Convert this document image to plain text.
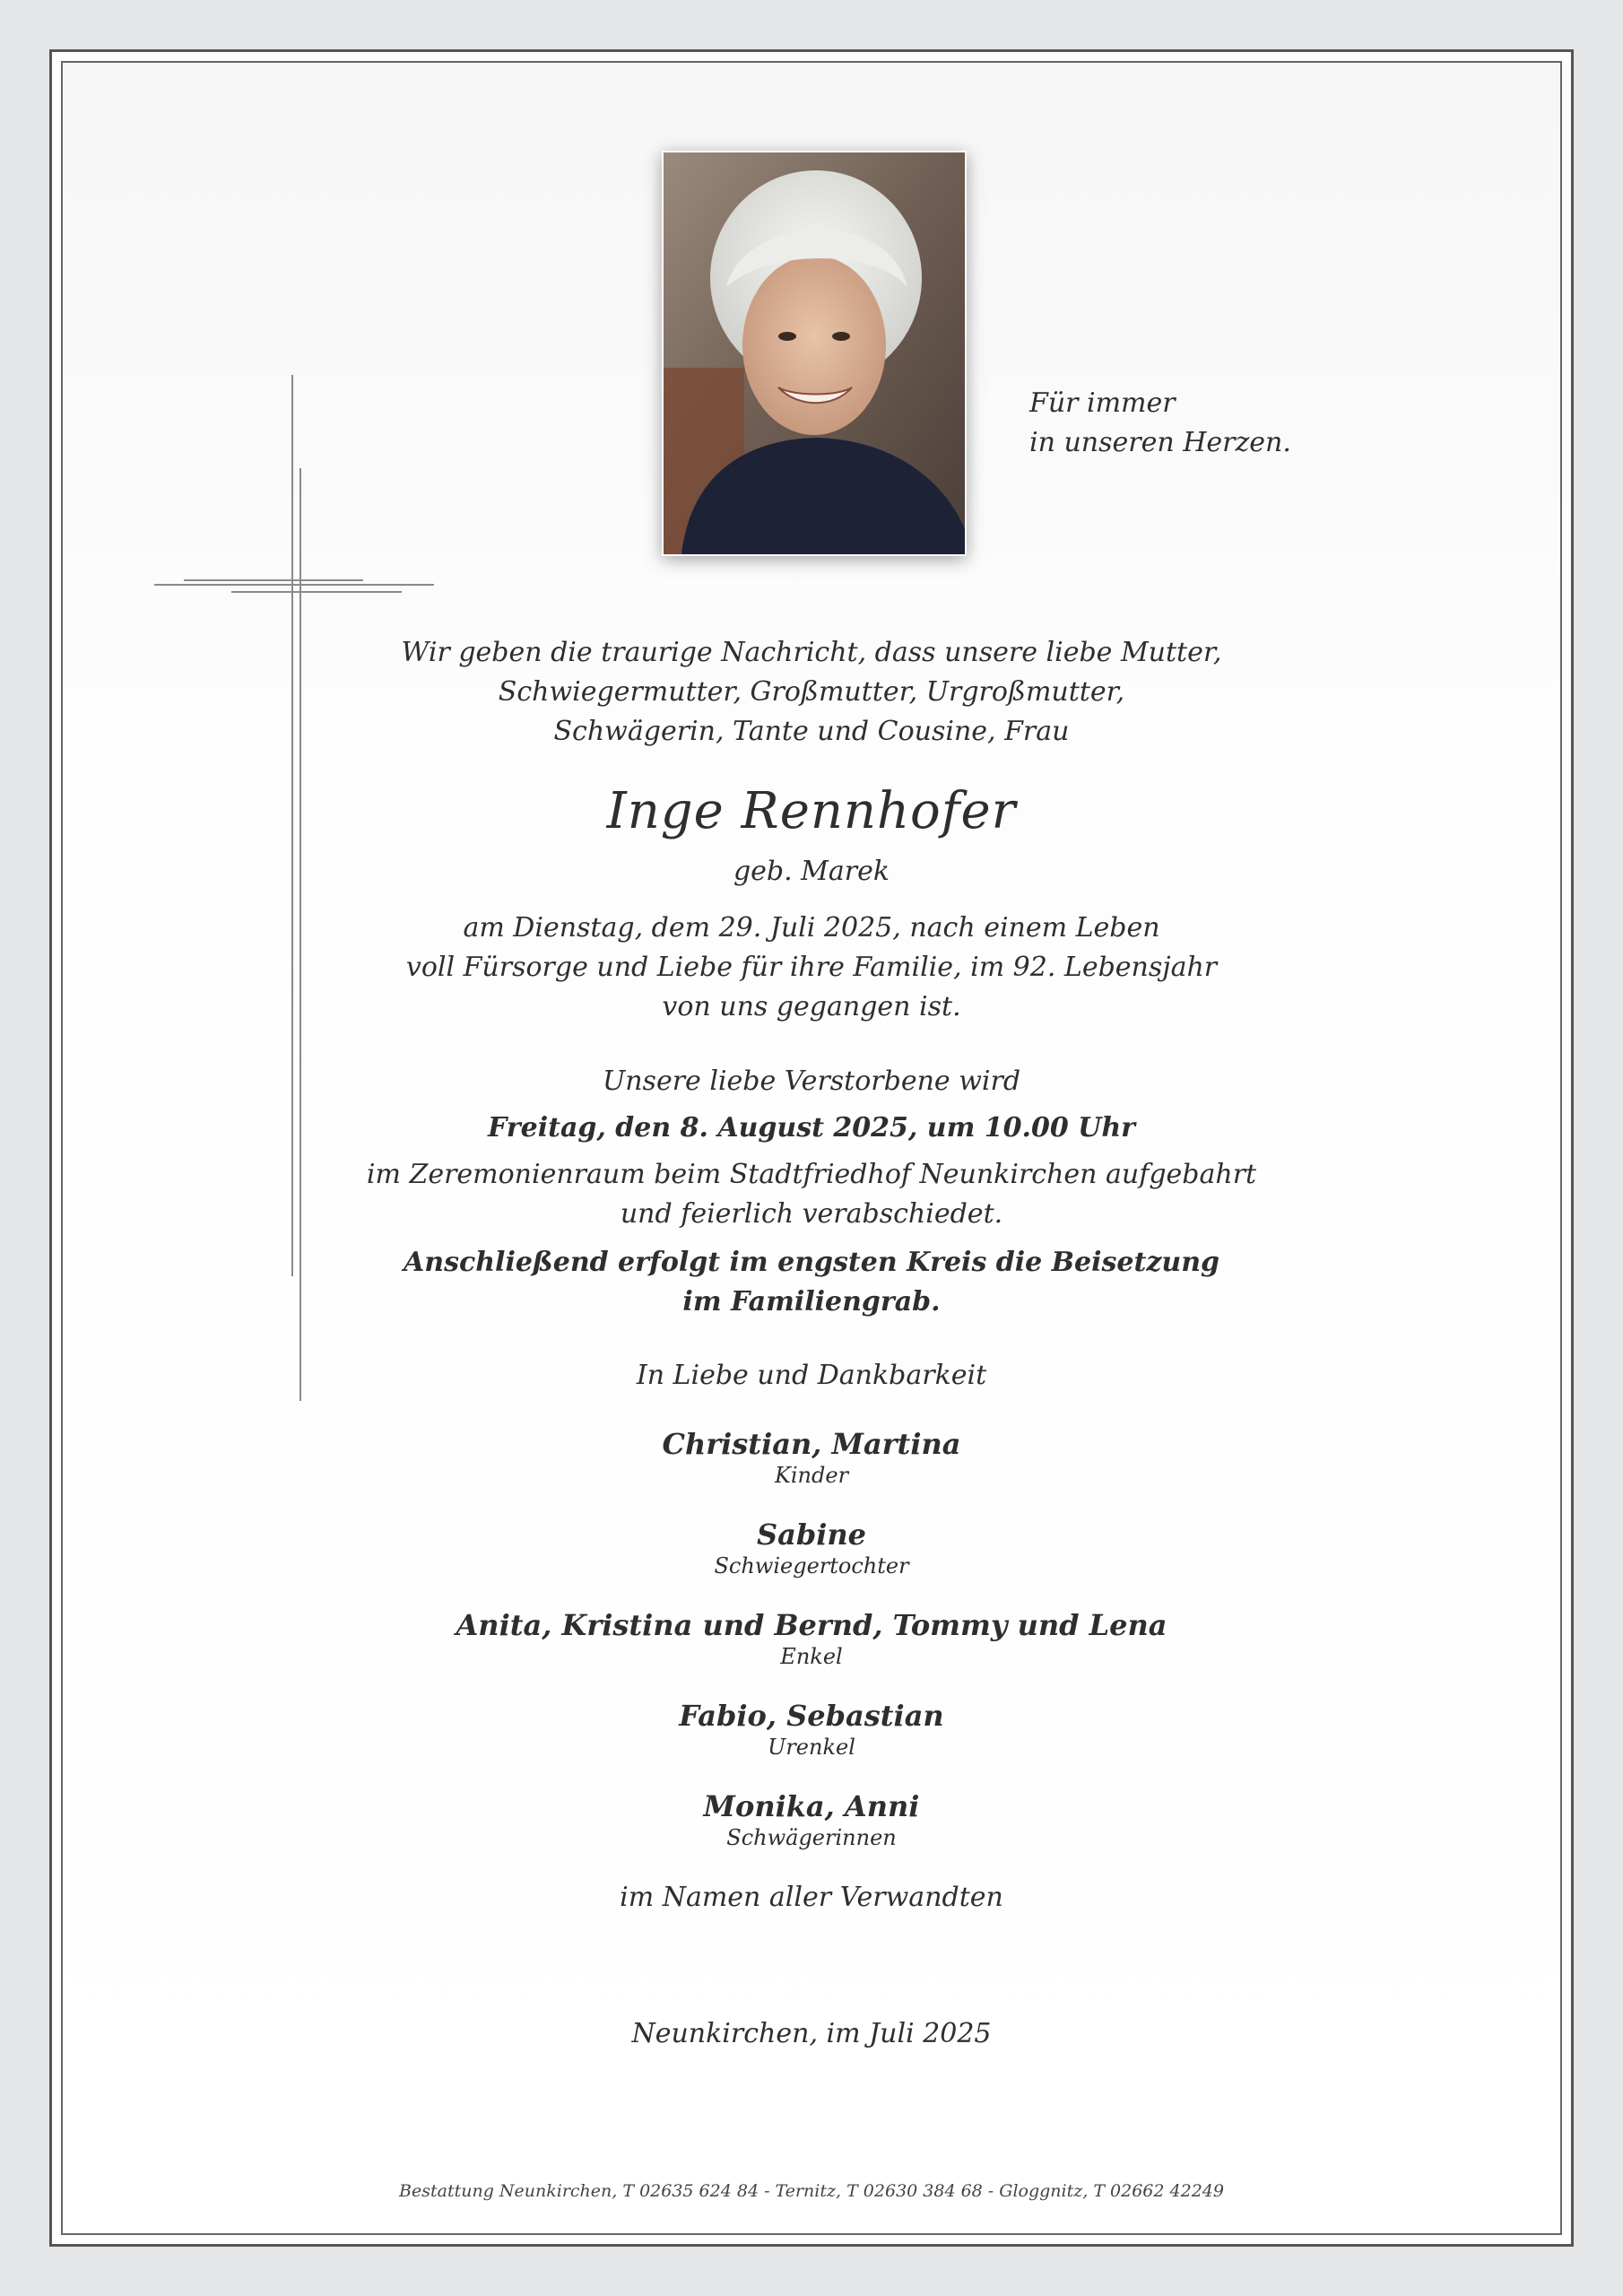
Für immer
in unseren Herzen.
Wir geben die traurige Nachricht, dass unsere liebe Mutter,
Schwiegermutter, Großmutter, Urgroßmutter,
Schwägerin, Tante und Cousine, Frau
Inge Rennhofer
geb. Marek
am Dienstag, dem 29. Juli 2025, nach einem Leben
voll Fürsorge und Liebe für ihre Familie, im 92. Lebensjahr
von uns gegangen ist.
Unsere liebe Verstorbene wird
Freitag, den 8. August 2025, um 10.00 Uhr
im Zeremonienraum beim Stadtfriedhof Neunkirchen aufgebahrt
und feierlich verabschiedet.
Anschließend erfolgt im engsten Kreis die Beisetzung
im Familiengrab.
In Liebe und Dankbarkeit
Christian, Martina
Kinder
Sabine
Schwiegertochter
Anita, Kristina und Bernd, Tommy und Lena
Enkel
Fabio, Sebastian
Urenkel
Monika, Anni
Schwägerinnen
im Namen aller Verwandten
Neunkirchen, im Juli 2025
Bestattung Neunkirchen, T 02635 624 84 - Ternitz, T 02630 384 68 - Gloggnitz, T 02662 42249
